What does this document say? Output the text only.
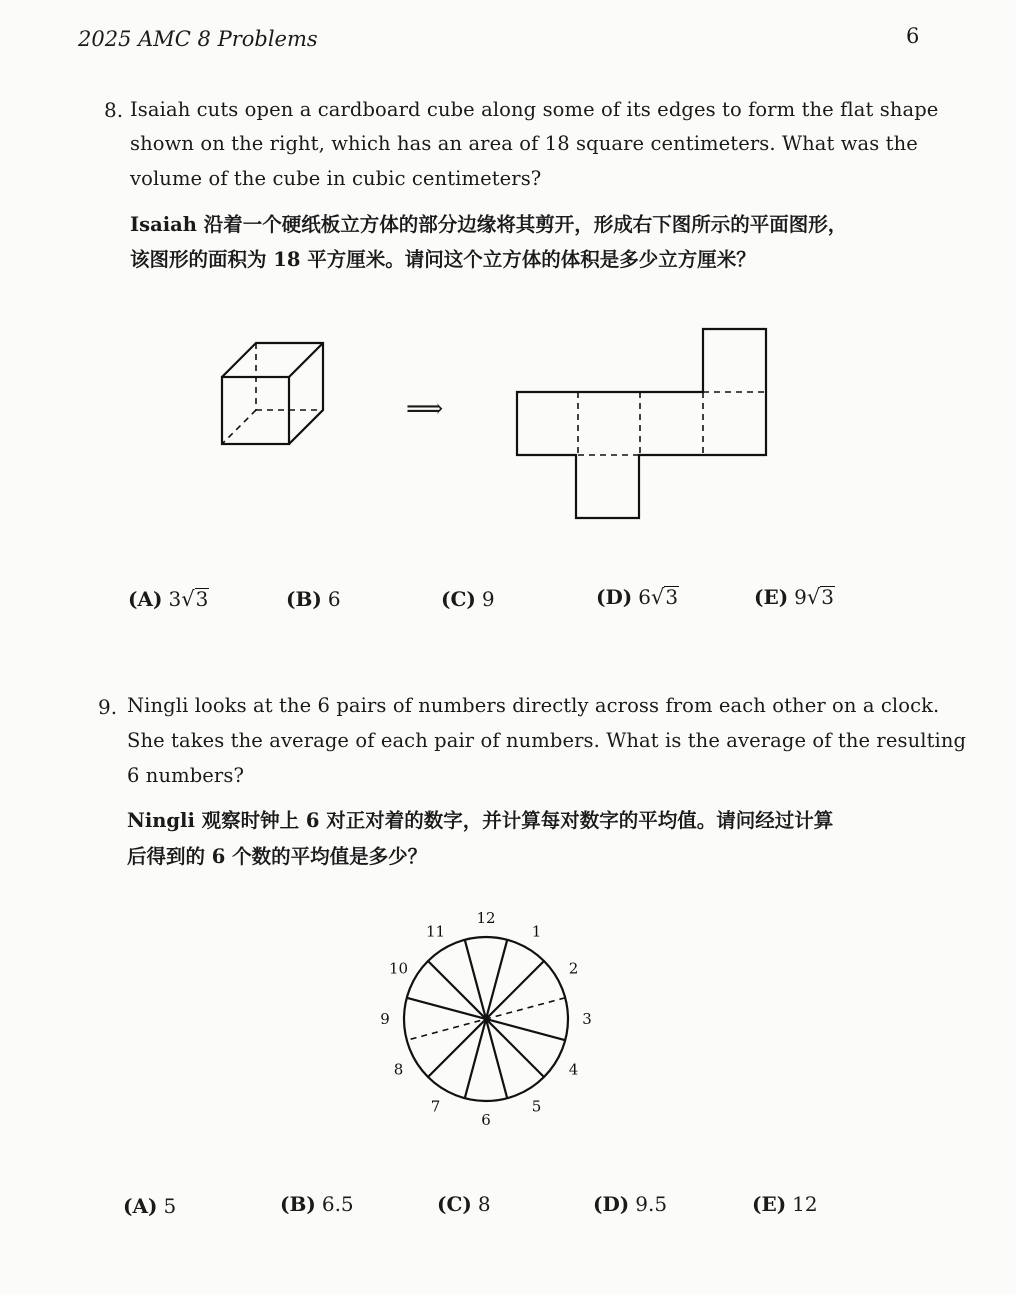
2025 AMC 8 Problems	6
8. Isaiah cuts open a cardboard cube along some of its edges to form the flat shape
shown on the right, which has an area of 18 square centimeters. What was the
volume of the cube in cubic centimeters?
Isaiah 沿着一个硬纸板立方体的部分边缘将其剪开，形成右下图所示的平面图形，
该图形的面积为 18 平方厘米。请问这个立方体的体积是多少立方厘米？
⟹
(A) 3√3	(B) 6	(C) 9	(D) 6√3	(E) 9√3
9. Ningli looks at the 6 pairs of numbers directly across from each other on a clock.
She takes the average of each pair of numbers. What is the average of the resulting
6 numbers?
Ningli 观察时钟上 6 对正对着的数字，并计算每对数字的平均值。请问经过计算
后得到的 6 个数的平均值是多少？
12
1
2
3
4
5
6
7
8
9
10
11
(A) 5	(B) 6.5	(C) 8	(D) 9.5	(E) 12
